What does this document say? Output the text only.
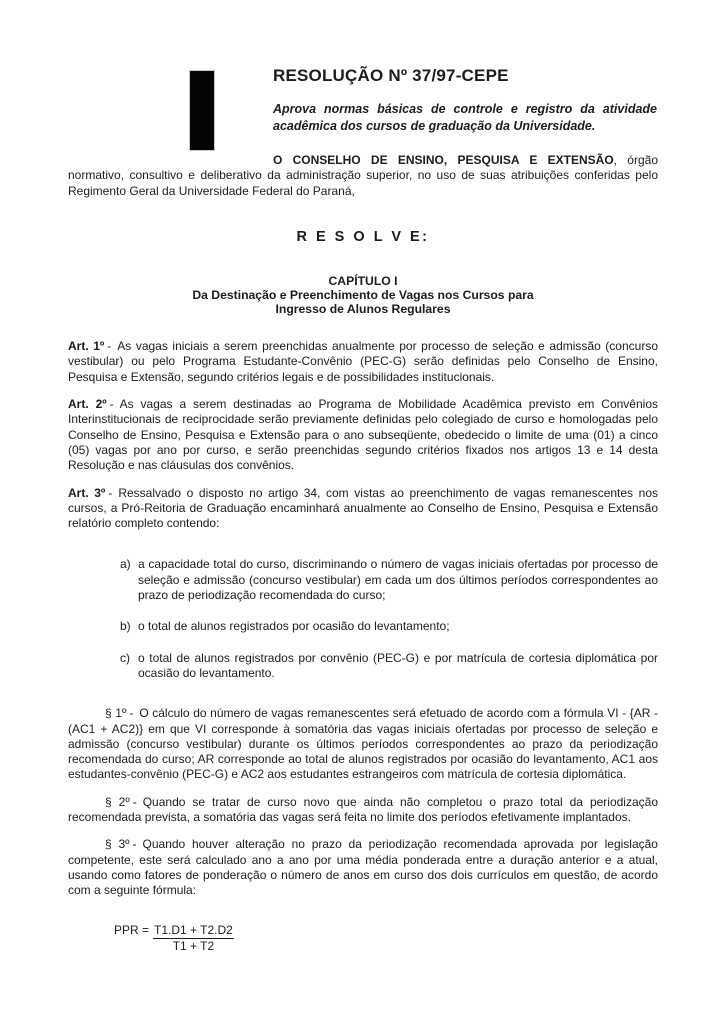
RESOLUÇÃO Nº 37/97-CEPE
Aprova normas básicas de controle e registro da atividade acadêmica dos cursos de graduação da Universidade.

O CONSELHO DE ENSINO, PESQUISA E EXTENSÃO, órgão normativo, consultivo e deliberativo da administração superior, no uso de suas atribuições conferidas pelo Regimento Geral da Universidade Federal do Paraná,

R E S O L V E:
CAPÍTULO I
Da Destinação e Preenchimento de Vagas nos Cursos para
Ingresso de Alunos Regulares

Art. 1º - As vagas iniciais a serem preenchidas anualmente por processo de seleção e admissão (concurso vestibular) ou pelo Programa Estudante-Convênio (PEC-G) serão definidas pelo Conselho de Ensino, Pesquisa e Extensão, segundo critérios legais e de possibilidades institucionais.

Art. 2º - As vagas a serem destinadas ao Programa de Mobilidade Acadêmica previsto em Convênios Interinstitucionais de reciprocidade serão previamente definidas pelo colegiado de curso e homologadas pelo Conselho de Ensino, Pesquisa e Extensão para o ano subseqüente, obedecido o limite de uma (01) a cinco (05) vagas por ano por curso, e serão preenchidas segundo critérios fixados nos artigos 13 e 14 desta Resolução e nas cláusulas dos convênios.

Art. 3º - Ressalvado o disposto no artigo 34, com vistas ao preenchimento de vagas remanescentes nos cursos, a Pró-Reitoria de Graduação encaminhará anualmente ao Conselho de Ensino, Pesquisa e Extensão relatório completo contendo:

a) a capacidade total do curso, discriminando o número de vagas iniciais ofertadas por processo de seleção e admissão (concurso vestibular) em cada um dos últimos períodos correspondentes ao prazo de periodização recomendada do curso;

b) o total de alunos registrados por ocasião do levantamento;

c) o total de alunos registrados por convênio (PEC-G) e por matrícula de cortesia diplomática por ocasião do levantamento.

§ 1º - O cálculo do número de vagas remanescentes será efetuado de acordo com a fórmula VI - {AR - (AC1 + AC2)} em que VI corresponde à somatória das vagas iniciais ofertadas por processo de seleção e admissão (concurso vestibular) durante os últimos períodos correspondentes ao prazo da periodização recomendada do curso; AR corresponde ao total de alunos registrados por ocasião do levantamento, AC1 aos estudantes-convênio (PEC-G) e AC2 aos estudantes estrangeiros com matrícula de cortesia diplomática.

§ 2º - Quando se tratar de curso novo que ainda não completou o prazo total da periodização recomendada prevista, a somatória das vagas será feita no limite dos períodos efetivamente implantados.

§ 3º - Quando houver alteração no prazo da periodização recomendada aprovada por legislação competente, este será calculado ano a ano por uma média ponderada entre a duração anterior e a atual, usando como fatores de ponderação o número de anos em curso dos dois currículos em questão, de acordo com a seguinte fórmula:

PPR = $\frac{T1.D1 + T2.D2}{T1 + T2}$
